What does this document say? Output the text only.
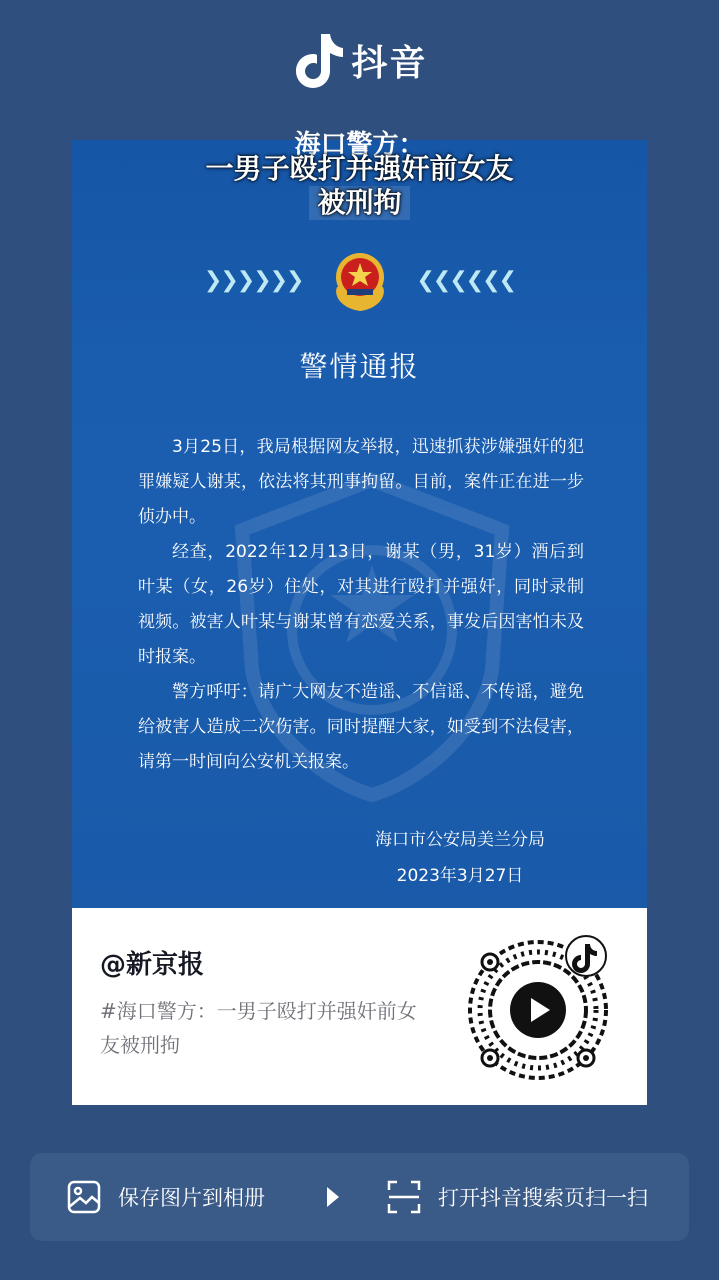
抖音
海口警方：
一男子殴打并强奸前女友
被刑拘
❯❯❯❯❯❯	❮❮❮❮❮❮
警情通报

3月25日，我局根据网友举报，迅速抓获涉嫌强奸的犯罪嫌疑人谢某，依法将其刑事拘留。目前，案件正在进一步侦办中。

经查，2022年12月13日，谢某（男，31岁）酒后到叶某（女，26岁）住处，对其进行殴打并强奸，同时录制视频。被害人叶某与谢某曾有恋爱关系，事发后因害怕未及时报案。

警方呼吁：请广大网友不造谣、不信谣、不传谣，避免给被害人造成二次伤害。同时提醒大家，如受到不法侵害，请第一时间向公安机关报案。

海口市公安局美兰分局
2023年3月27日
@新京报
#海口警方：一男子殴打并强奸前女友被刑拘
保存图片到相册	打开抖音搜索页扫一扫
